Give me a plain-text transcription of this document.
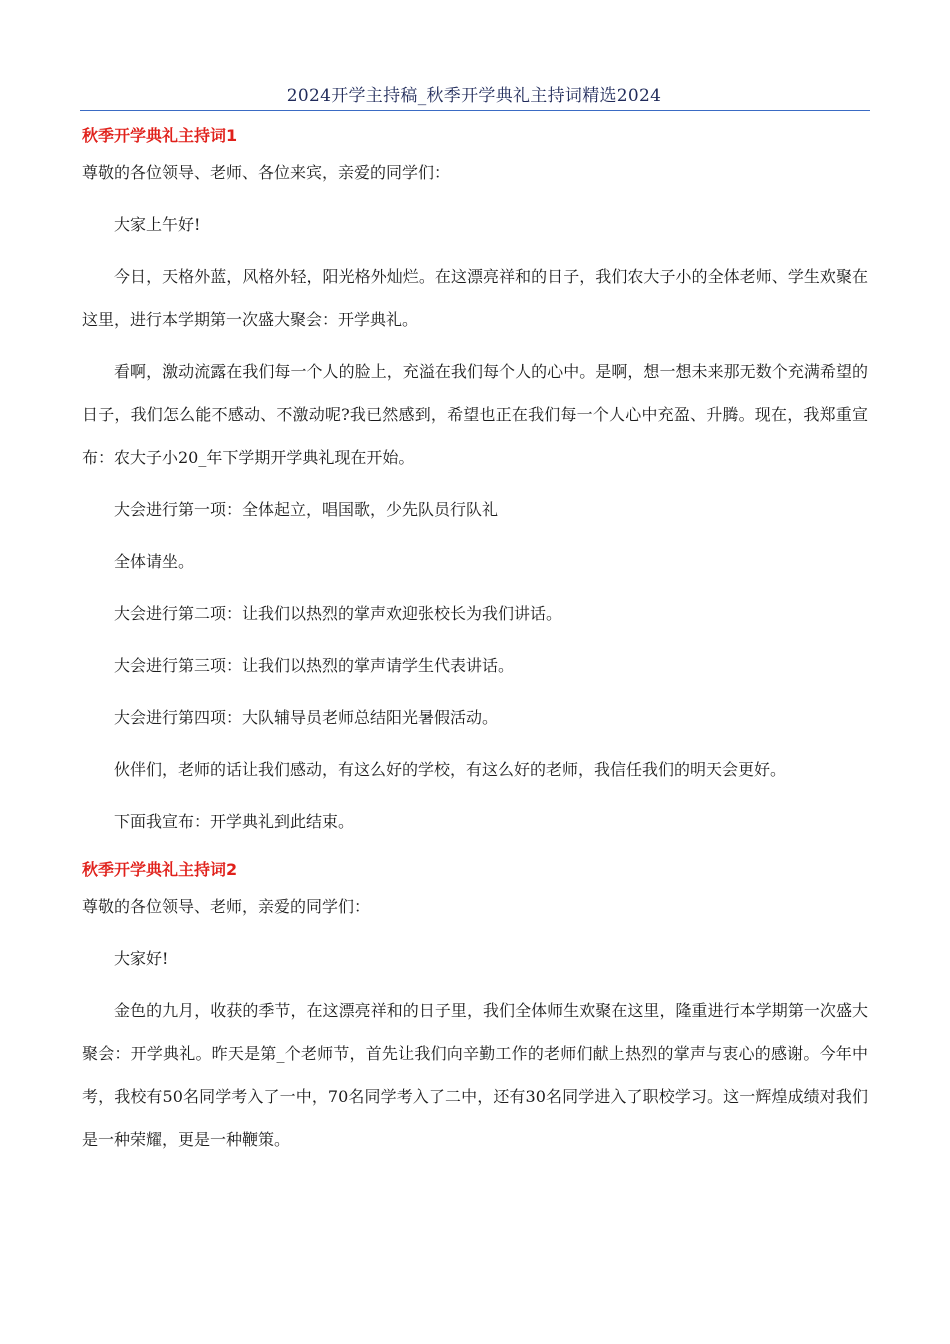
2024开学主持稿_秋季开学典礼主持词精选2024
秋季开学典礼主持词1

尊敬的各位领导、老师、各位来宾，亲爱的同学们：

大家上午好!

今日，天格外蓝，风格外轻，阳光格外灿烂。在这漂亮祥和的日子，我们农大子小的全体老师、学生欢聚在这里，进行本学期第一次盛大聚会：开学典礼。

看啊，激动流露在我们每一个人的脸上，充溢在我们每个人的心中。是啊，想一想未来那无数个充满希望的日子，我们怎么能不感动、不激动呢?我已然感到，希望也正在我们每一个人心中充盈、升腾。现在，我郑重宣布：农大子小20_年下学期开学典礼现在开始。

大会进行第一项：全体起立，唱国歌，少先队员行队礼

全体请坐。

大会进行第二项：让我们以热烈的掌声欢迎张校长为我们讲话。

大会进行第三项：让我们以热烈的掌声请学生代表讲话。

大会进行第四项：大队辅导员老师总结阳光暑假活动。

伙伴们，老师的话让我们感动，有这么好的学校，有这么好的老师，我信任我们的明天会更好。

下面我宣布：开学典礼到此结束。

秋季开学典礼主持词2

尊敬的各位领导、老师，亲爱的同学们：

大家好!

金色的九月，收获的季节，在这漂亮祥和的日子里，我们全体师生欢聚在这里，隆重进行本学期第一次盛大聚会：开学典礼。昨天是第_个老师节，首先让我们向辛勤工作的老师们献上热烈的掌声与衷心的感谢。今年中考，我校有50名同学考入了一中，70名同学考入了二中，还有30名同学进入了职校学习。这一辉煌成绩对我们是一种荣耀，更是一种鞭策。
